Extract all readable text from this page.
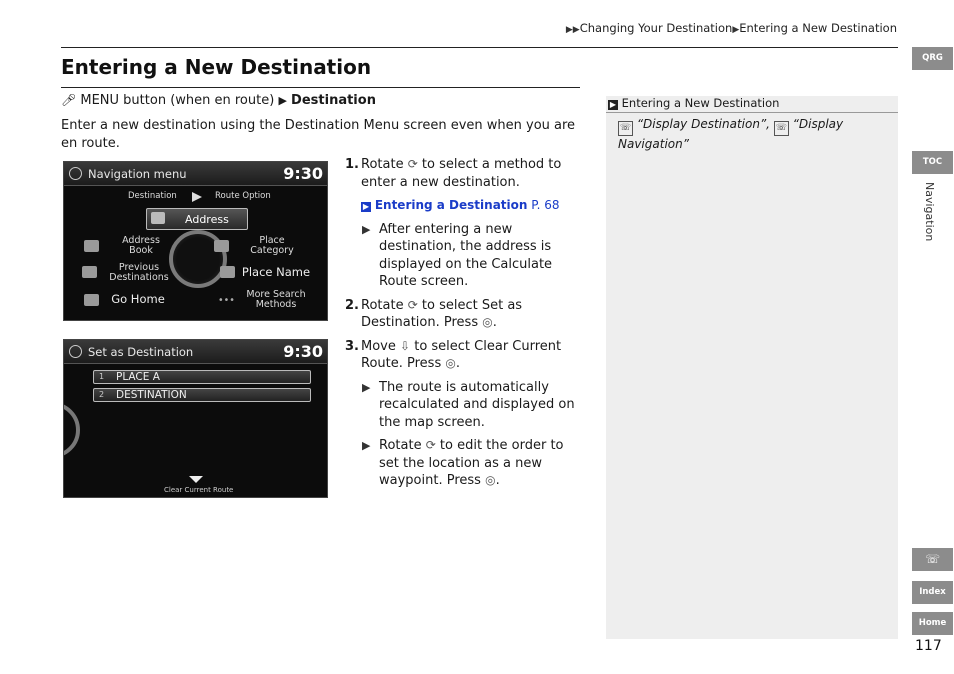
▶▶Changing Your Destination▶Entering a New Destination
Entering a New Destination
🎤︎ MENU button (when en route) ▶ Destination
Enter a new destination using the Destination Menu screen even when you are en route.
Navigation menu	9:30
Destination	Route Option
Address
Address Book
Place Category
Previous Destinations	Place Name
Go Home	•••
More Search Methods
Set as Destination	9:30
1 PLACE A
2 DESTINATION
Clear Current Route
1. Rotate ⟳ to select a method to enter a new destination.
▶ Entering a Destination P. 68
▶ After entering a new destination, the address is displayed on the Calculate Route screen.
2. Rotate ⟳ to select Set as Destination. Press ◎.
3. Move ⇩ to select Clear Current Route. Press ◎.
▶ The route is automatically recalculated and displayed on the map screen.
▶ Rotate ⟳ to edit the order to set the location as a new waypoint. Press ◎.
▶ Entering a New Destination
☏ “Display Destination”, ☏ “Display Navigation”
QRG
TOC
Navigation
☏
Index
Home
117
